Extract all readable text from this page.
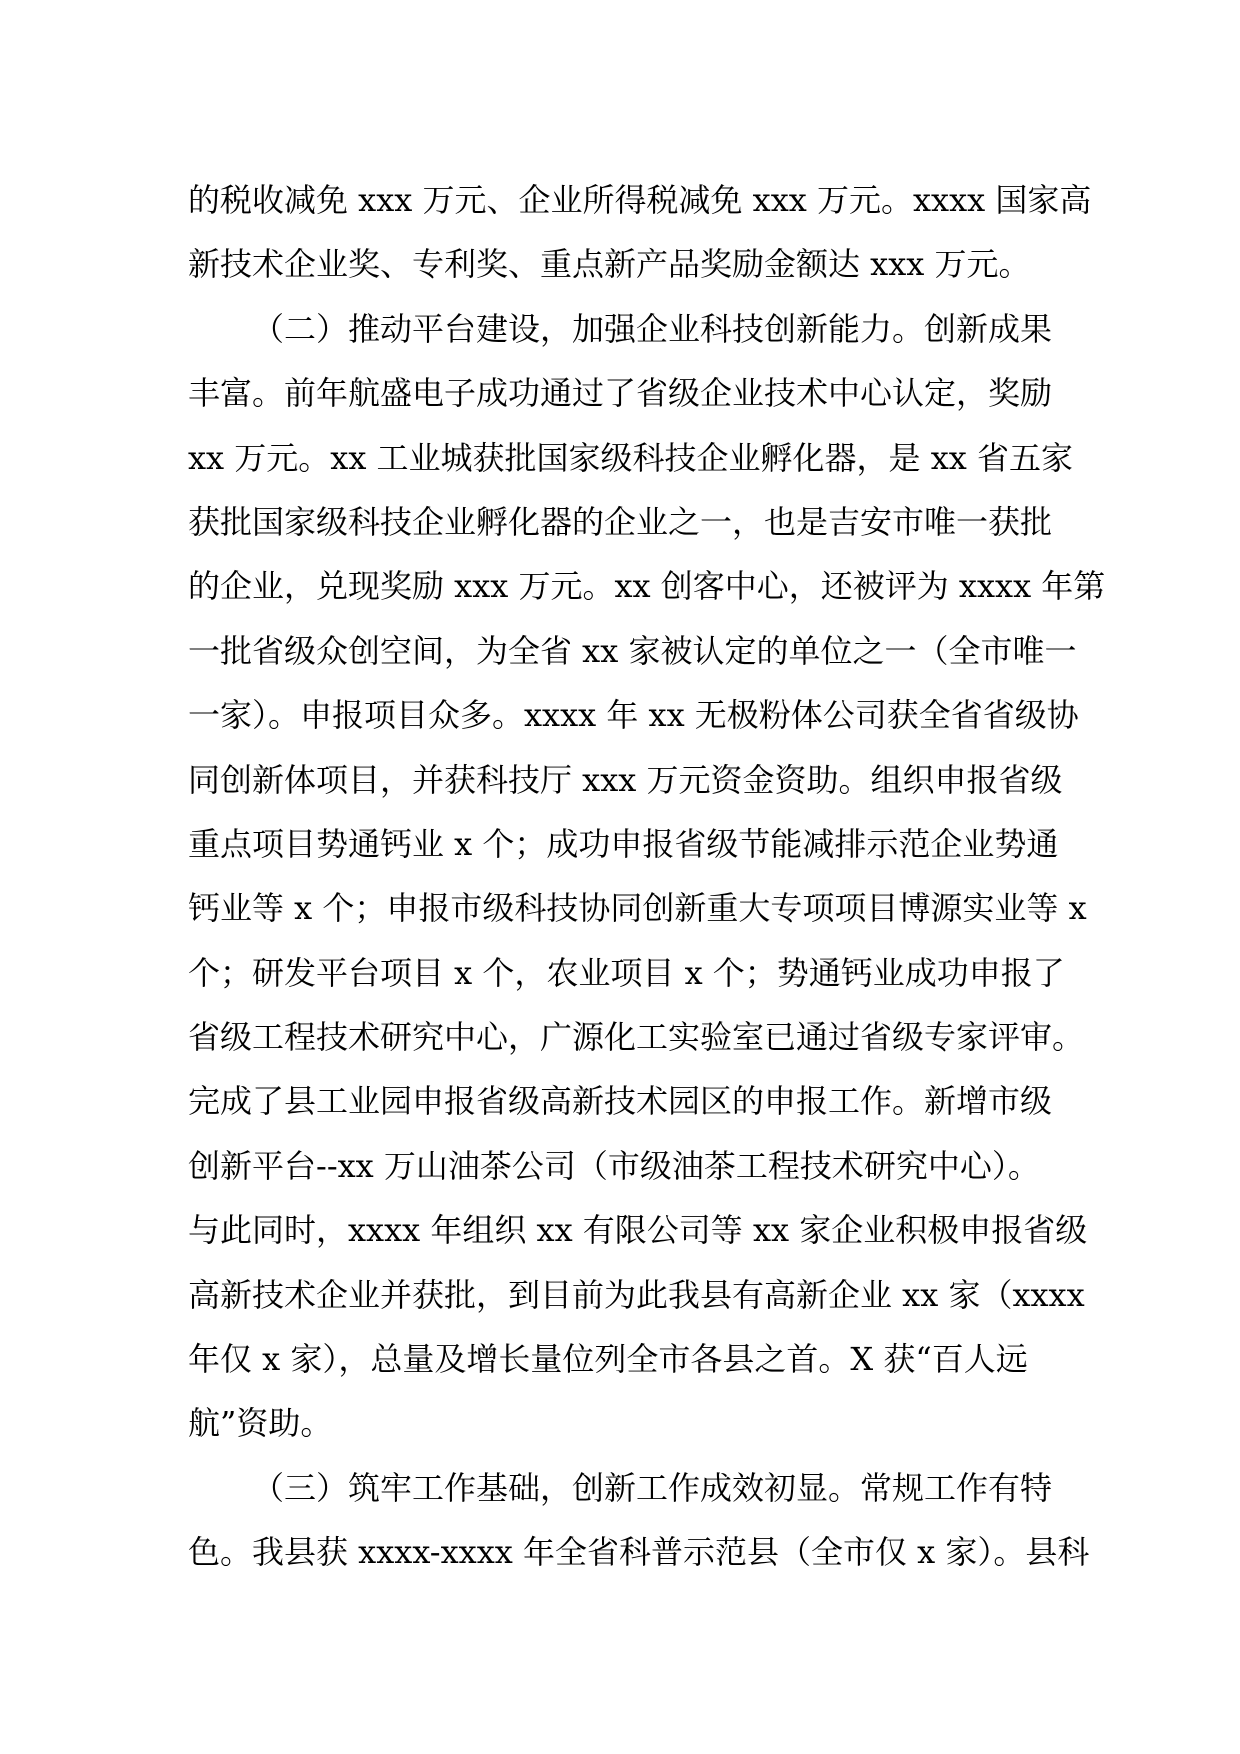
的税收减免 xxx 万元、企业所得税减免 xxx 万元。xxxx 国家高
新技术企业奖、专利奖、重点新产品奖励金额达 xxx 万元。
（二）推动平台建设，加强企业科技创新能力。创新成果
丰富。前年航盛电子成功通过了省级企业技术中心认定，奖励
xx 万元。xx 工业城获批国家级科技企业孵化器，是 xx 省五家
获批国家级科技企业孵化器的企业之一，也是吉安市唯一获批
的企业，兑现奖励 xxx 万元。xx 创客中心，还被评为 xxxx 年第
一批省级众创空间，为全省 xx 家被认定的单位之一（全市唯一
一家）。申报项目众多。xxxx 年 xx 无极粉体公司获全省省级协
同创新体项目，并获科技厅 xxx 万元资金资助。组织申报省级
重点项目势通钙业 x 个；成功申报省级节能减排示范企业势通
钙业等 x 个；申报市级科技协同创新重大专项项目博源实业等 x
个；研发平台项目 x 个，农业项目 x 个；势通钙业成功申报了
省级工程技术研究中心，广源化工实验室已通过省级专家评审。
完成了县工业园申报省级高新技术园区的申报工作。新增市级
创新平台--xx 万山油茶公司（市级油茶工程技术研究中心）。
与此同时，xxxx 年组织 xx 有限公司等 xx 家企业积极申报省级
高新技术企业并获批，到目前为此我县有高新企业 xx 家（xxxx
年仅 x 家），总量及增长量位列全市各县之首。X 获“百人远
航”资助。
（三）筑牢工作基础，创新工作成效初显。常规工作有特
色。我县获 xxxx-xxxx 年全省科普示范县（全市仅 x 家）。县科
